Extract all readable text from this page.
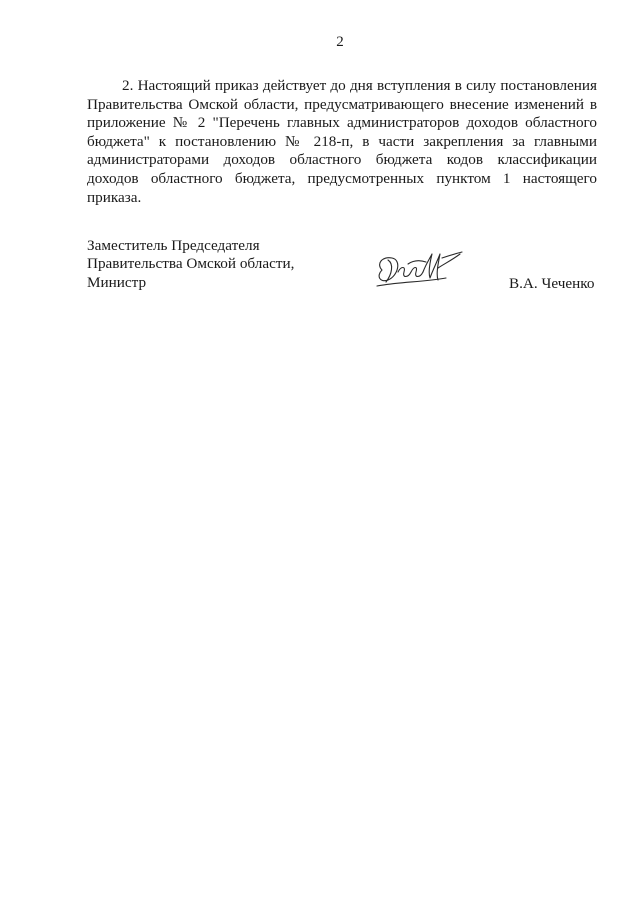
2

2. Настоящий приказ действует до дня вступления в силу постановления Правительства Омской области, предусматривающего внесение изменений в приложение № 2 "Перечень главных администраторов доходов областного бюджета" к постановлению № 218-п, в части закрепления за главными администраторами доходов областного бюджета кодов классификации доходов областного бюджета, предусмотренных пунктом 1 настоящего приказа.

Заместитель Председателя
Правительства Омской области,
Министр	В.А. Чеченко
